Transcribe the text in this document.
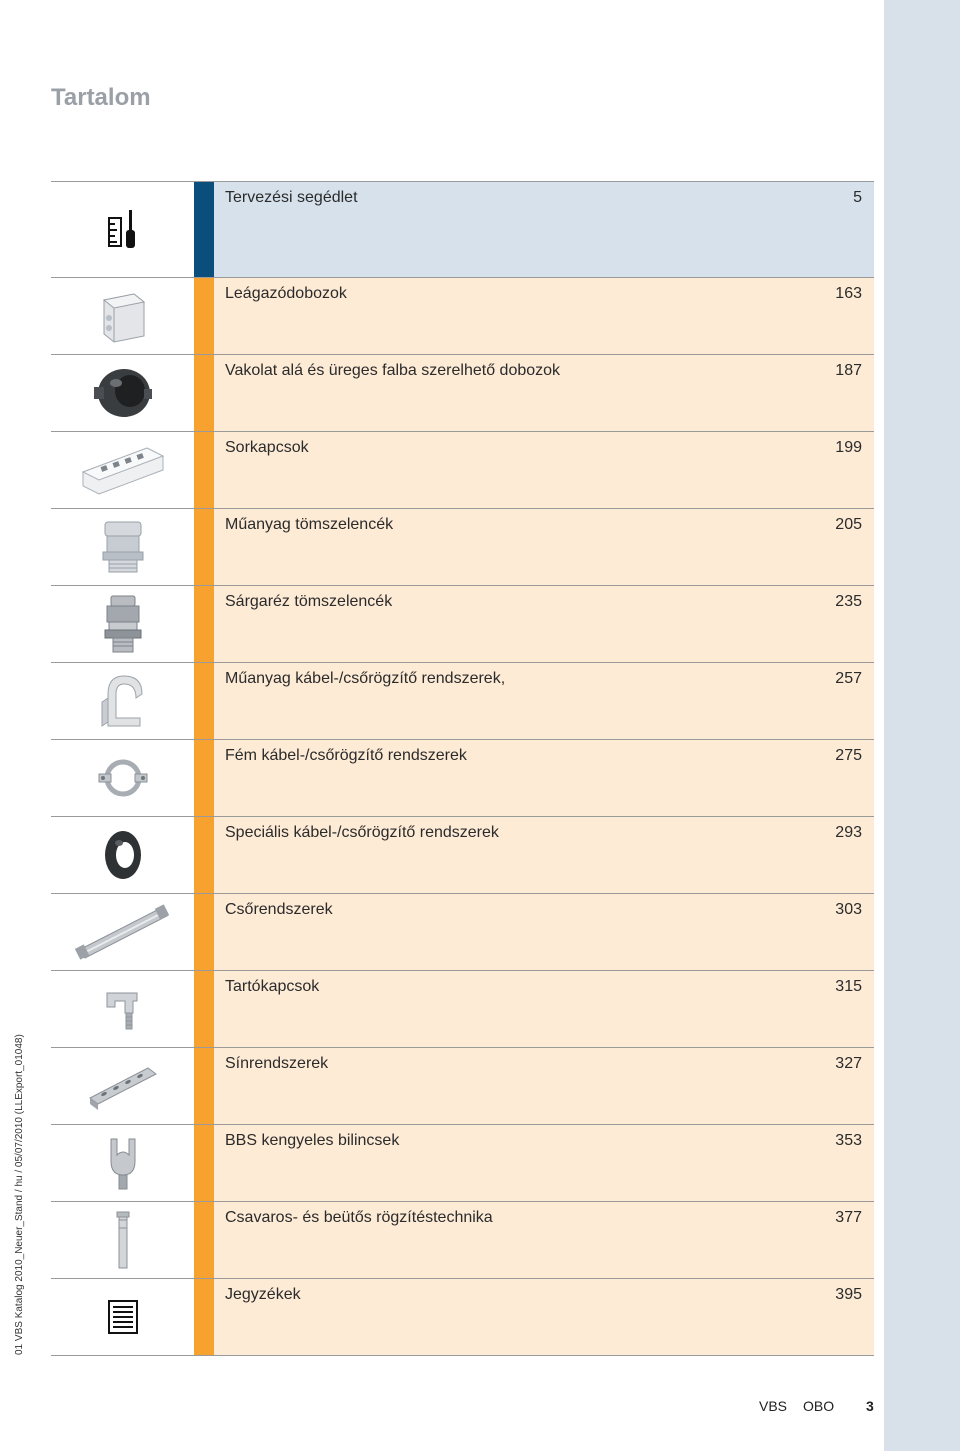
Tartalom
Tervezési segédlet	5
Leágazódobozok	163
Vakolat alá és üreges falba szerelhető dobozok	187
Sorkapcsok	199
Műanyag tömszelencék	205
Sárgaréz tömszelencék	235
Műanyag kábel-/csőrögzítő rendszerek,	257
Fém kábel-/csőrögzítő rendszerek	275
Speciális kábel-/csőrögzítő rendszerek	293
Csőrendszerek	303
Tartókapcsok	315
Sínrendszerek	327
BBS kengyeles bilincsek	353
Csavaros- és beütős rögzítéstechnika	377
Jegyzékek	395
01 VBS Katalog 2010_Neuer_Stand / hu / 05/07/2010 (LLExport_01048)
VBS OBO 3
